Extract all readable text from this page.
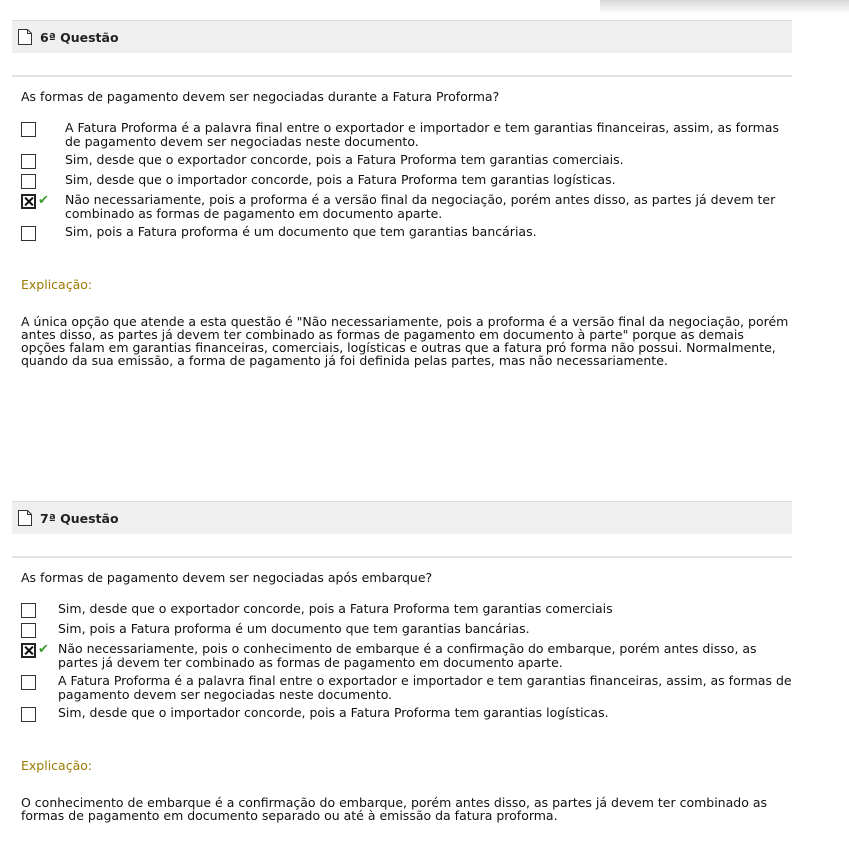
6ª Questão
As formas de pagamento devem ser negociadas durante a Fatura Proforma?
A Fatura Proforma é a palavra final entre o exportador e importador e tem garantias financeiras, assim, as formas de pagamento devem ser negociadas neste documento.
Sim, desde que o exportador concorde, pois a Fatura Proforma tem garantias comerciais.
Sim, desde que o importador concorde, pois a Fatura Proforma tem garantias logísticas.
✔ Não necessariamente, pois a proforma é a versão final da negociação, porém antes disso, as partes já devem ter combinado as formas de pagamento em documento aparte.
Sim, pois a Fatura proforma é um documento que tem garantias bancárias.
Explicação:
A única opção que atende a esta questão é "Não necessariamente, pois a proforma é a versão final da negociação, porém antes disso, as partes já devem ter combinado as formas de pagamento em documento à parte" porque as demais opções falam em garantias financeiras, comerciais, logísticas e outras que a fatura pró forma não possui. Normalmente, quando da sua emissão, a forma de pagamento já foi definida pelas partes, mas não necessariamente.
7ª Questão
As formas de pagamento devem ser negociadas após embarque?
Sim, desde que o exportador concorde, pois a Fatura Proforma tem garantias comerciais
Sim, pois a Fatura proforma é um documento que tem garantias bancárias.
✔ Não necessariamente, pois o conhecimento de embarque é a confirmação do embarque, porém antes disso, as partes já devem ter combinado as formas de pagamento em documento aparte.
A Fatura Proforma é a palavra final entre o exportador e importador e tem garantias financeiras, assim, as formas de pagamento devem ser negociadas neste documento.
Sim, desde que o importador concorde, pois a Fatura Proforma tem garantias logísticas.
Explicação:
O conhecimento de embarque é a confirmação do embarque, porém antes disso, as partes já devem ter combinado as formas de pagamento em documento separado ou até à emissão da fatura proforma.
